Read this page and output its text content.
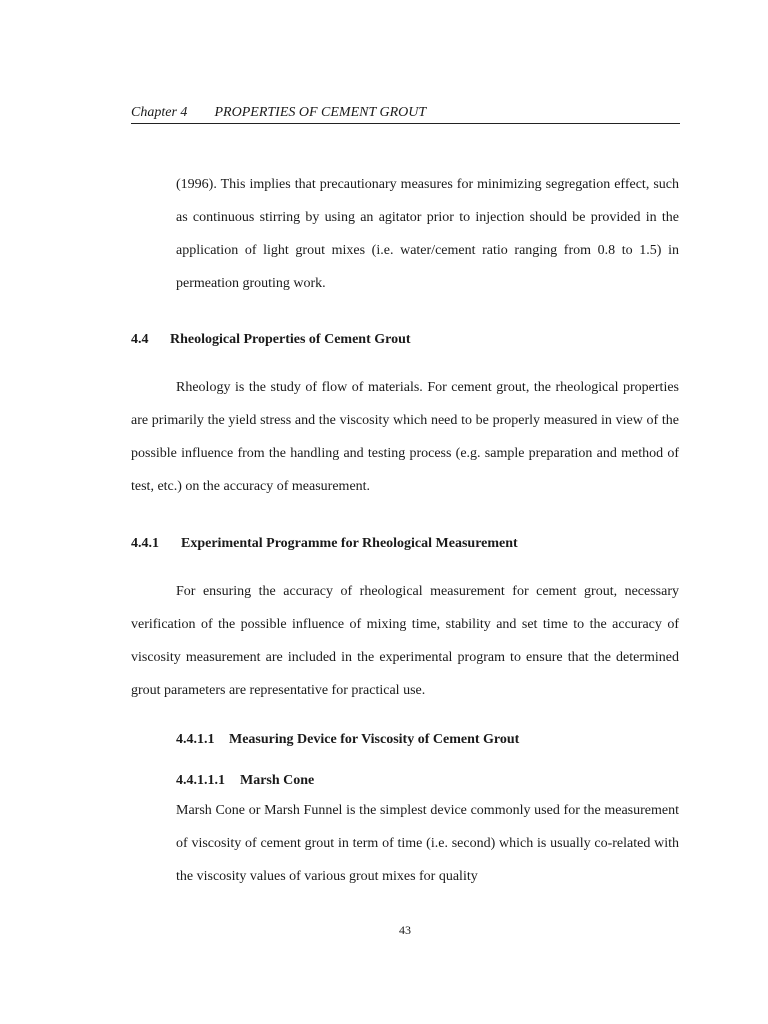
Chapter 4 PROPERTIES OF CEMENT GROUT

(1996). This implies that precautionary measures for minimizing segregation effect, such as continuous stirring by using an agitator prior to injection should be provided in the application of light grout mixes (i.e. water/cement ratio ranging from 0.8 to 1.5) in permeation grouting work.

4.4 Rheological Properties of Cement Grout

Rheology is the study of flow of materials. For cement grout, the rheological properties are primarily the yield stress and the viscosity which need to be properly measured in view of the possible influence from the handling and testing process (e.g. sample preparation and method of test, etc.) on the accuracy of measurement.

4.4.1 Experimental Programme for Rheological Measurement

For ensuring the accuracy of rheological measurement for cement grout, necessary verification of the possible influence of mixing time, stability and set time to the accuracy of viscosity measurement are included in the experimental program to ensure that the determined grout parameters are representative for practical use.

4.4.1.1 Measuring Device for Viscosity of Cement Grout
4.4.1.1.1 Marsh Cone

Marsh Cone or Marsh Funnel is the simplest device commonly used for the measurement of viscosity of cement grout in term of time (i.e. second) which is usually co-related with the viscosity values of various grout mixes for quality

43
